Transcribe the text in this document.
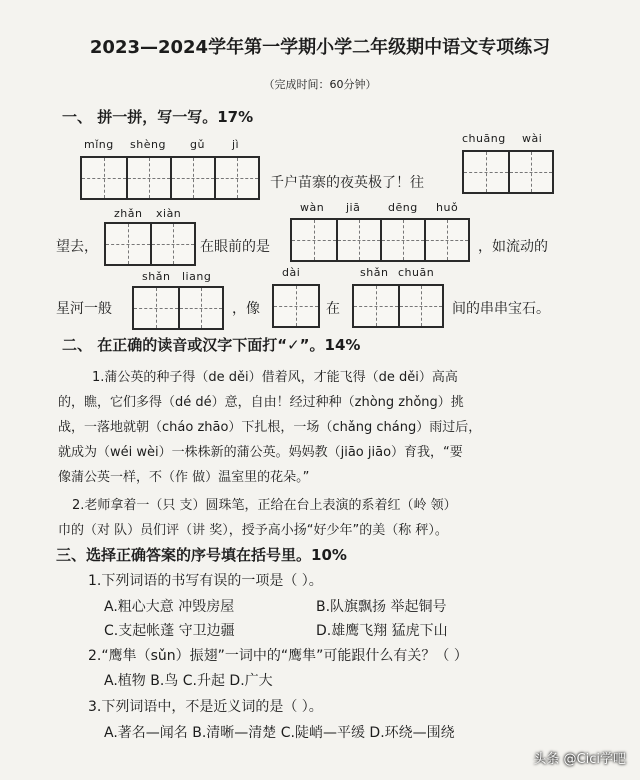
2023—2024学年第一学期小学二年级期中语文专项练习
（完成时间：60分钟）
一、 拼一拼，写一写。17%
mǐng shèng gǔ jì	chuāng wài
千户苗寨的夜英极了！往
zhǎn xiàn	wàn jiā	dēng huǒ
望去，	在眼前的是	，如流动的
shǎn liang	dài	shǎn chuān
星河一般	，像	在	间的串串宝石。
二、 在正确的读音或汉字下面打“✓”。14%
1.蒲公英的种子得（de děi）借着风，才能飞得（de děi）高高
的，瞧，它们多得（dé dé）意，自由！经过种种（zhòng zhǒng）挑
战，一落地就朝（cháo zhāo）下扎根，一场（chǎng cháng）雨过后，
就成为（wéi wèi）一株株新的蒲公英。妈妈教（jiāo jiāo）育我，“要
像蒲公英一样，不（作 做）温室里的花朵。”
2.老师拿着一（只 支）圆珠笔，正给在台上表演的系着红（岭 领）
巾的（对 队）员们评（讲 奖），授予高小扬“好少年”的美（称 秤）。
三、选择正确答案的序号填在括号里。10%
1.下列词语的书写有误的一项是（ ）。
A.粗心大意 冲毁房屋	B.队旗飘扬 举起铜号
C.支起帐蓬 守卫边疆	D.雄鹰飞翔 猛虎下山
2.“鹰隼（sǔn）振翅”一词中的“鹰隼”可能跟什么有关？（ ）
A.植物 B.鸟 C.升起 D.广大
3.下列词语中，不是近义词的是（ ）。
A.著名—闻名 B.清晰—清楚 C.陡峭—平缓 D.环绕—围绕
头条 @Cici学吧
